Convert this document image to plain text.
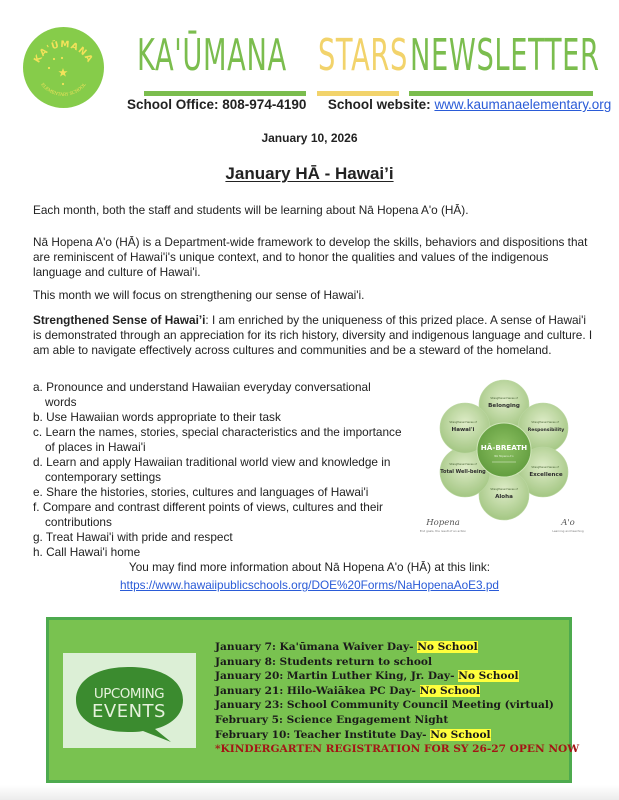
KA'ŪMANA
ELEMENTARY SCHOOL
KA'ŪMANA STARS NEWSLETTER
School Office: 808-974-4190 School website: www.kaumanaelementary.org
January 10, 2026
January HĀ - Hawai’i

Each month, both the staff and students will be learning about Nā Hopena A'o (HĀ).

Nā Hopena A'o (HĀ) is a Department-wide framework to develop the skills, behaviors and dispositions that are reminiscent of Hawai'i's unique context, and to honor the qualities and values of the indigenous language and culture of Hawai'i.

This month we will focus on strengthening our sense of Hawai'i.

Strengthened Sense of Hawai’i: I am enriched by the uniqueness of this prized place. A sense of Hawai'i is demonstrated through an appreciation for its rich history, diversity and indigenous language and culture. I am able to navigate effectively across cultures and communities and be a steward of the homeland.

a. Pronounce and understand Hawaiian everyday conversational words
b. Use Hawaiian words appropriate to their task
c. Learn the names, stories, special characteristics and the importance of places in Hawai'i
d. Learn and apply Hawaiian traditional world view and knowledge in contemporary settings
e. Share the histories, stories, cultures and languages of Hawai'i
f. Compare and contrast different points of views, cultures and their contributions
g. Treat Hawai'i with pride and respect
h. Call Hawai'i home
HĀ-BREATH
Nā Hopena A'o
Strengthened Sense of
Strengthened Sense of
Strengthened Sense of
Strengthened Sense of
Strengthened Sense of
Strengthened Sense of
Belonging
Responsibility
Excellence
Aloha
Total Well-being
Hawai'i
Hopena
End goals, the result of an action
A'o
Learning and teaching
You may find more information about Nā Hopena A'o (HĀ) at this link:
https://www.hawaiipublicschools.org/DOE%20Forms/NaHopenaAoE3.pd
UPCOMING
EVENTS
January 7: Ka'ūmana Waiver Day- No School
January 8: Students return to school
January 20: Martin Luther King, Jr. Day- No School
January 21: Hilo-Waiākea PC Day- No School
January 23: School Community Council Meeting (virtual)
February 5: Science Engagement Night
February 10: Teacher Institute Day- No School
*KINDERGARTEN REGISTRATION FOR SY 26-27 OPEN NOW
